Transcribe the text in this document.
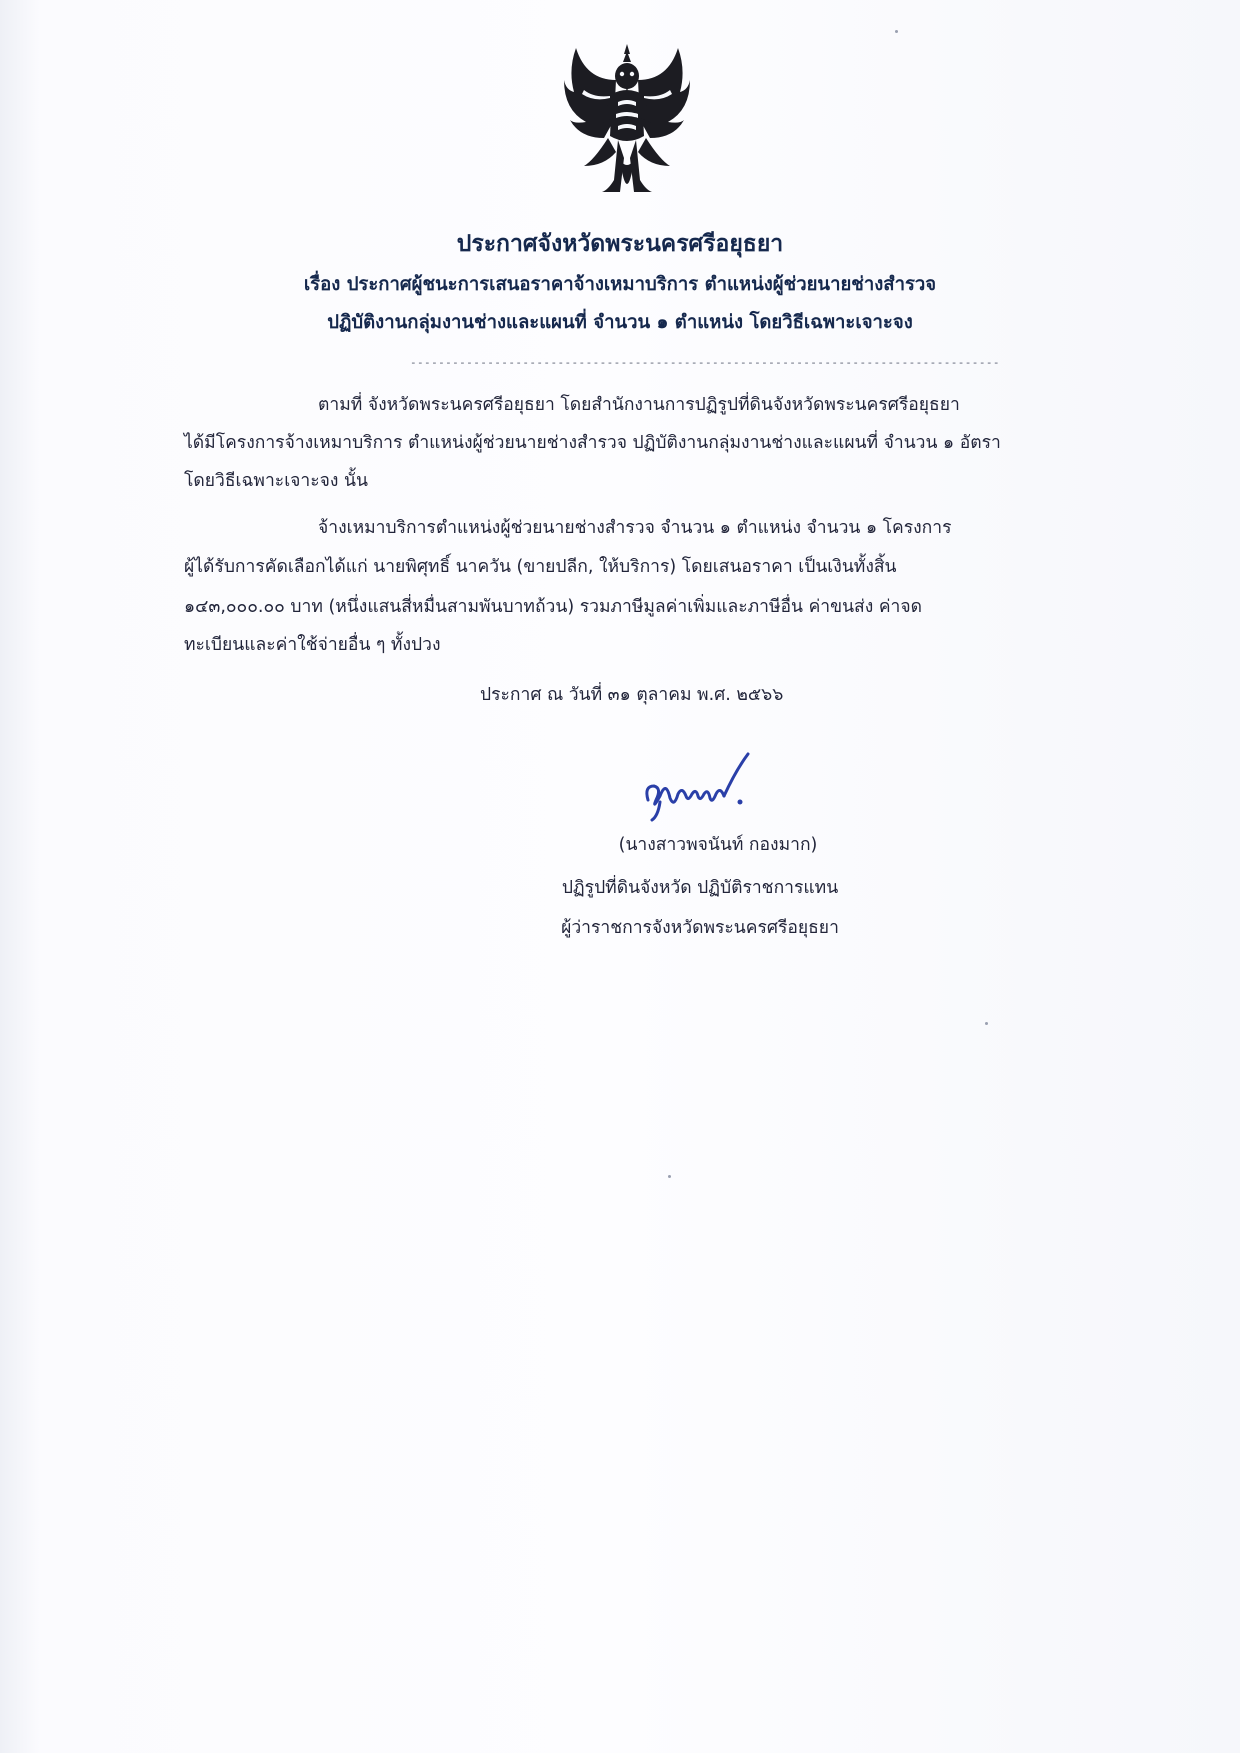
ประกาศจังหวัดพระนครศรีอยุธยา
เรื่อง ประกาศผู้ชนะการเสนอราคาจ้างเหมาบริการ ตำแหน่งผู้ช่วยนายช่างสำรวจ
ปฏิบัติงานกลุ่มงานช่างและแผนที่ จำนวน ๑ ตำแหน่ง โดยวิธีเฉพาะเจาะจง
------------------------------------------------------------------------------------
ตามที่ จังหวัดพระนครศรีอยุธยา โดยสำนักงานการปฏิรูปที่ดินจังหวัดพระนครศรีอยุธยา
ได้มีโครงการจ้างเหมาบริการ ตำแหน่งผู้ช่วยนายช่างสำรวจ ปฏิบัติงานกลุ่มงานช่างและแผนที่ จำนวน ๑ อัตรา
โดยวิธีเฉพาะเจาะจง นั้น
จ้างเหมาบริการตำแหน่งผู้ช่วยนายช่างสำรวจ จำนวน ๑ ตำแหน่ง จำนวน ๑ โครงการ
ผู้ได้รับการคัดเลือกได้แก่ นายพิศุทธิ์ นาควัน (ขายปลีก, ให้บริการ) โดยเสนอราคา เป็นเงินทั้งสิ้น
๑๔๓,๐๐๐.๐๐ บาท (หนึ่งแสนสี่หมื่นสามพันบาทถ้วน) รวมภาษีมูลค่าเพิ่มและภาษีอื่น ค่าขนส่ง ค่าจด
ทะเบียนและค่าใช้จ่ายอื่น ๆ ทั้งปวง
ประกาศ ณ วันที่ ๓๑ ตุลาคม พ.ศ. ๒๕๖๖
(นางสาวพจนันท์ กองมาก)
ปฏิรูปที่ดินจังหวัด ปฏิบัติราชการแทน
ผู้ว่าราชการจังหวัดพระนครศรีอยุธยา
